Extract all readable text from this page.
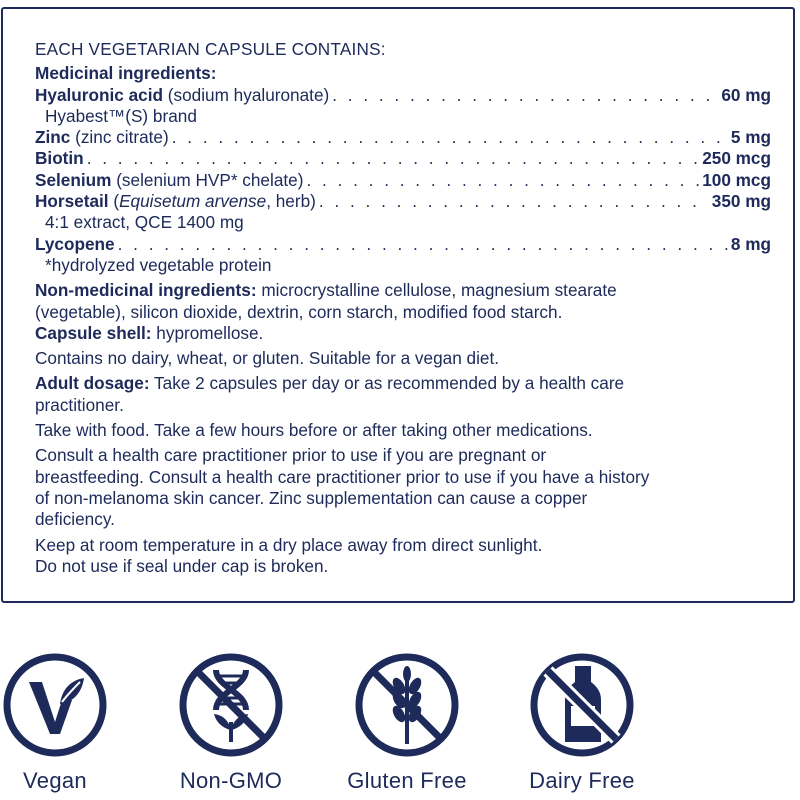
EACH VEGETARIAN CAPSULE CONTAINS:
Medicinal ingredients:
Hyaluronic acid (sodium hyaluronate) . . .	60 mg
Hyabest™(S) brand
Zinc (zinc citrate) . . .	5 mg
Biotin . . .	250 mcg
Selenium (selenium HVP* chelate) . . .	100 mcg
Horsetail (Equisetum arvense, herb) . . .	350 mg
4:1 extract, QCE 1400 mg
Lycopene . . .	8 mg
*hydrolyzed vegetable protein
Non-medicinal ingredients: microcrystalline cellulose, magnesium stearate
(vegetable), silicon dioxide, dextrin, corn starch, modified food starch.
Capsule shell: hypromellose.
Contains no dairy, wheat, or gluten. Suitable for a vegan diet.
Adult dosage: Take 2 capsules per day or as recommended by a health care
practitioner.
Take with food. Take a few hours before or after taking other medications.
Consult a health care practitioner prior to use if you are pregnant or
breastfeeding. Consult a health care practitioner prior to use if you have a history
of non-melanoma skin cancer. Zinc supplementation can cause a copper
deficiency.
Keep at room temperature in a dry place away from direct sunlight.
Do not use if seal under cap is broken.
Vegan	Non-GMO	Gluten Free	Dairy Free
